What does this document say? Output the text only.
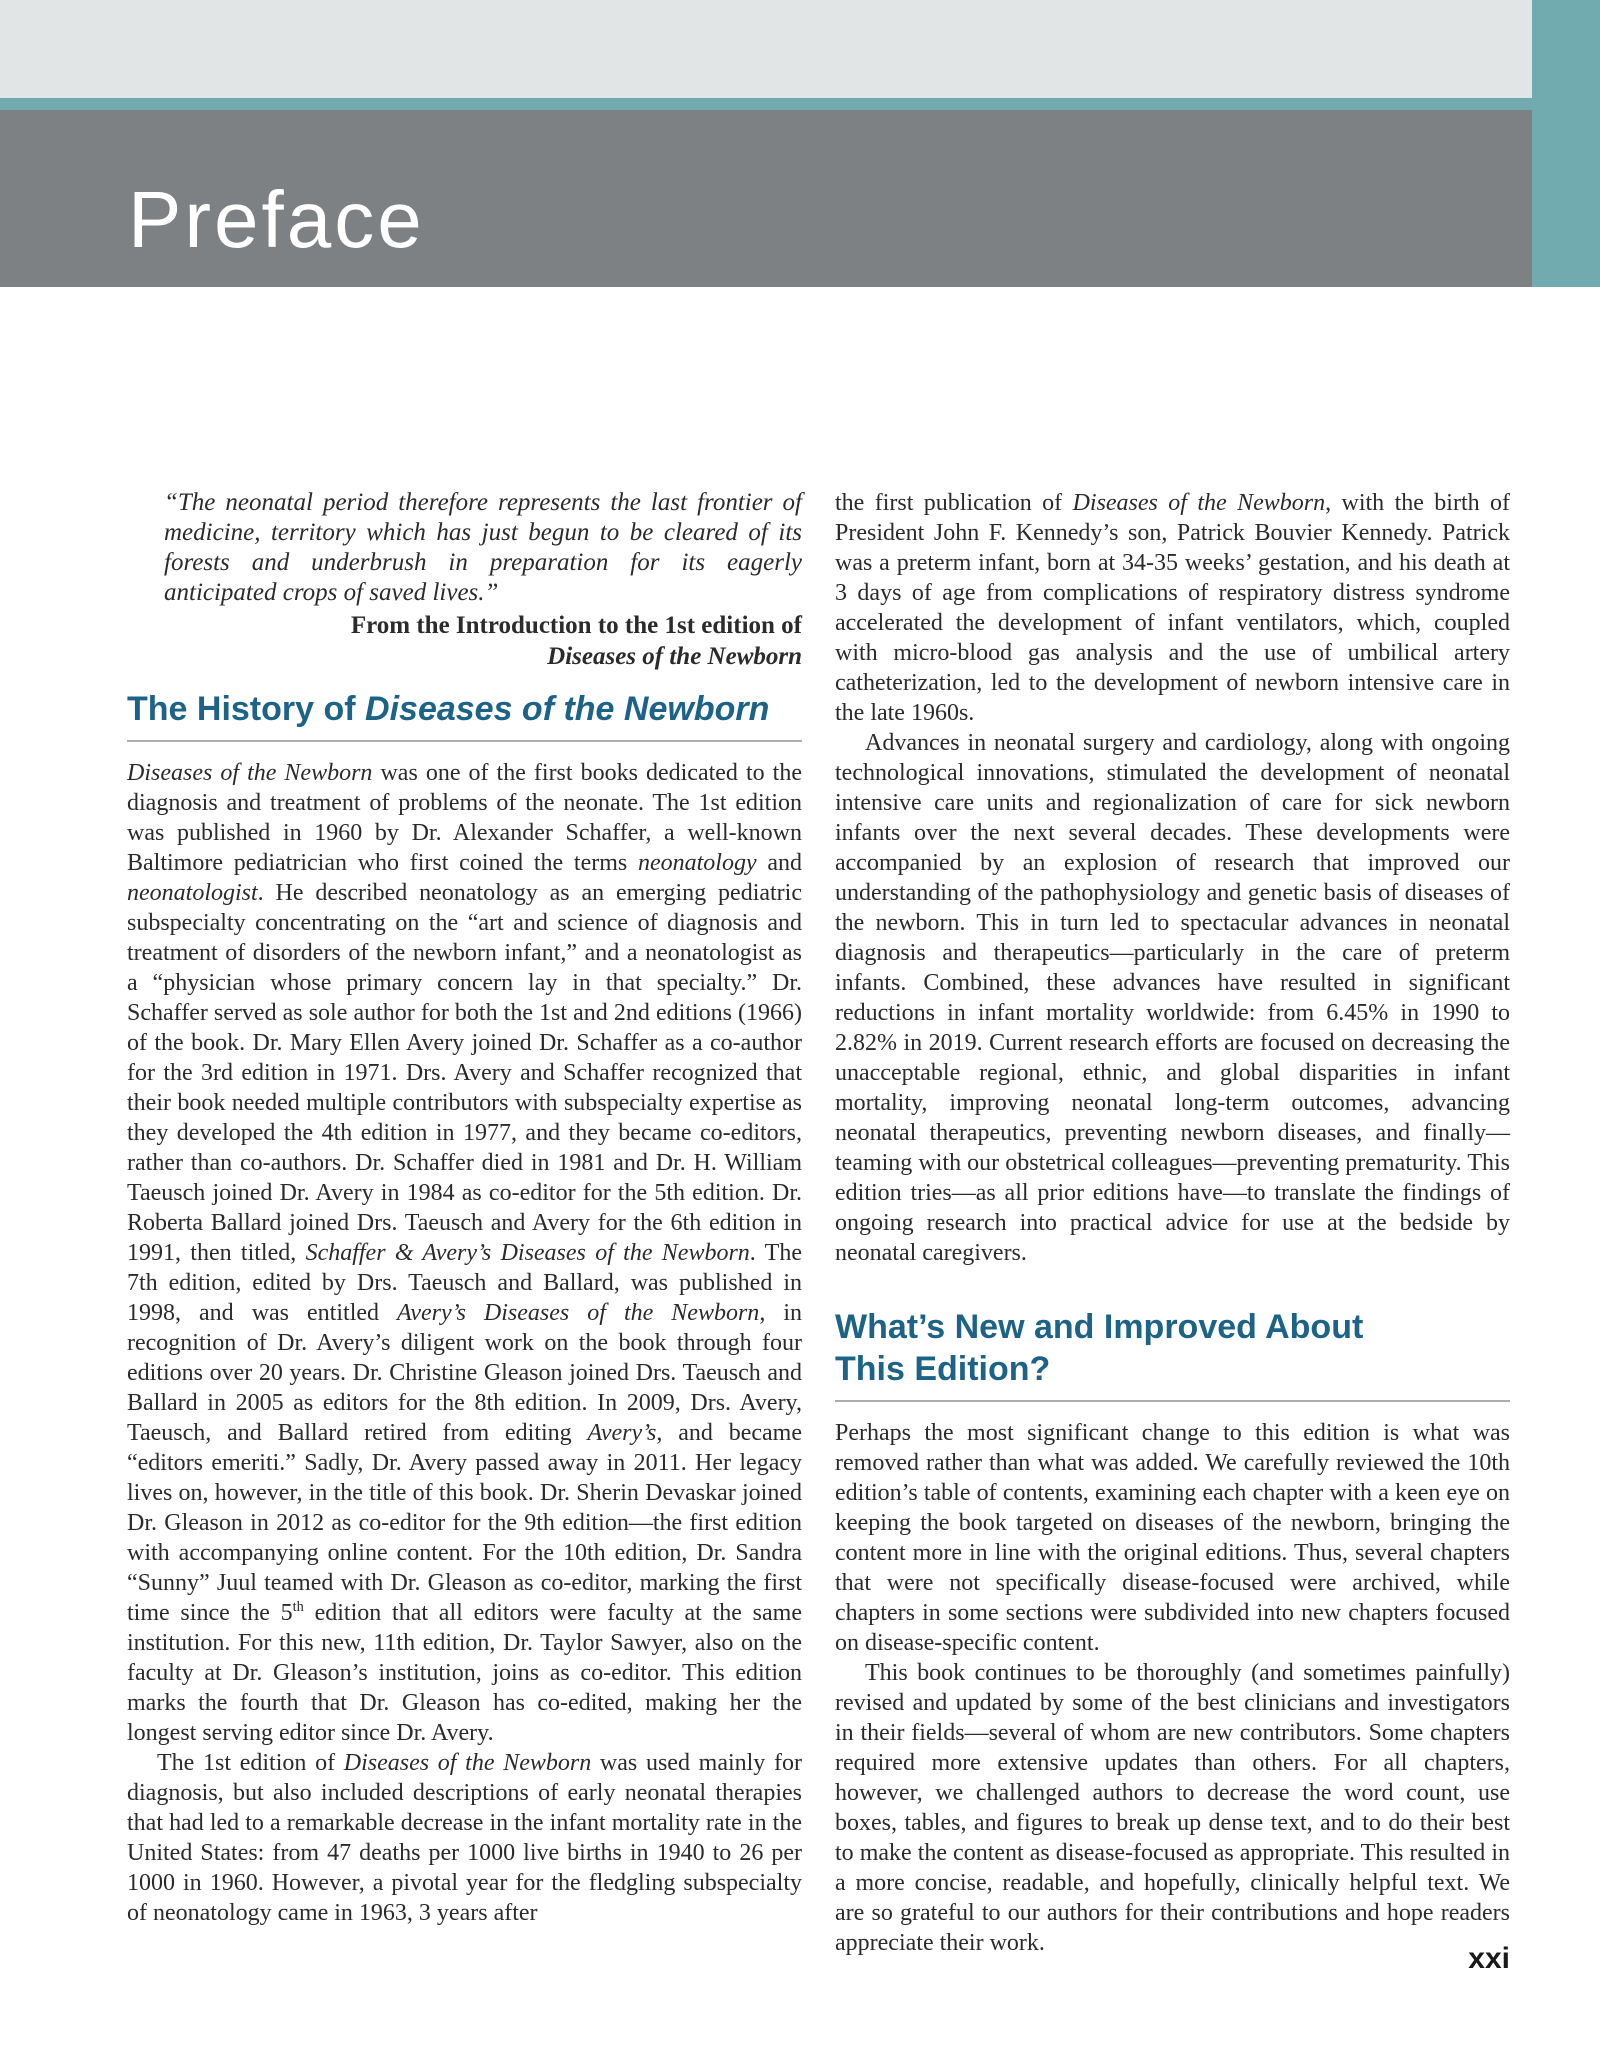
Preface

“The neonatal period therefore represents the last frontier of medicine, territory which has just begun to be cleared of its forests and underbrush in preparation for its eagerly anticipated crops of saved lives.”

From the Introduction to the 1st edition of
Diseases of the Newborn
The History of Diseases of the Newborn

Diseases of the Newborn was one of the first books dedicated to the diagnosis and treatment of problems of the neonate. The 1st edition was published in 1960 by Dr. Alexander Schaffer, a well-known Baltimore pediatrician who first coined the terms neonatology and neonatologist. He described neonatology as an emerging pediatric subspecialty concentrating on the “art and science of diagnosis and treatment of disorders of the newborn infant,” and a neonatologist as a “physician whose primary concern lay in that specialty.” Dr. Schaffer served as sole author for both the 1st and 2nd editions (1966) of the book. Dr. Mary Ellen Avery joined Dr. Schaffer as a co-author for the 3rd edition in 1971. Drs. Avery and Schaffer recognized that their book needed multiple contributors with subspecialty expertise as they developed the 4th edition in 1977, and they became co-editors, rather than co-authors. Dr. Schaffer died in 1981 and Dr. H. William Taeusch joined Dr. Avery in 1984 as co-editor for the 5th edition. Dr. Roberta Ballard joined Drs. Taeusch and Avery for the 6th edition in 1991, then titled, Schaffer & Avery’s Diseases of the Newborn. The 7th edition, edited by Drs. Taeusch and Ballard, was published in 1998, and was entitled Avery’s Diseases of the Newborn, in recognition of Dr. Avery’s diligent work on the book through four editions over 20 years. Dr. Christine Gleason joined Drs. Taeusch and Ballard in 2005 as editors for the 8th edition. In 2009, Drs. Avery, Taeusch, and Ballard retired from editing Avery’s, and became “editors emeriti.” Sadly, Dr. Avery passed away in 2011. Her legacy lives on, however, in the title of this book. Dr. Sherin Devaskar joined Dr. Gleason in 2012 as co-editor for the 9th edition—the first edition with accompanying online content. For the 10th edition, Dr. Sandra “Sunny” Juul teamed with Dr. Gleason as co-editor, marking the first time since the 5th edition that all editors were faculty at the same institution. For this new, 11th edition, Dr. Taylor Sawyer, also on the faculty at Dr. Gleason’s institution, joins as co-editor. This edition marks the fourth that Dr. Gleason has co-edited, making her the longest serving editor since Dr. Avery.

The 1st edition of Diseases of the Newborn was used mainly for diagnosis, but also included descriptions of early neonatal therapies that had led to a remarkable decrease in the infant mortality rate in the United States: from 47 deaths per 1000 live births in 1940 to 26 per 1000 in 1960. However, a pivotal year for the fledgling subspecialty of neonatology came in 1963, 3 years after

the first publication of Diseases of the Newborn, with the birth of President John F. Kennedy’s son, Patrick Bouvier Kennedy. Patrick was a preterm infant, born at 34-35 weeks’ gestation, and his death at 3 days of age from complications of respiratory distress syndrome accelerated the development of infant ventilators, which, coupled with micro-blood gas analysis and the use of umbilical artery catheterization, led to the development of newborn intensive care in the late 1960s.

Advances in neonatal surgery and cardiology, along with ongoing technological innovations, stimulated the development of neonatal intensive care units and regionalization of care for sick newborn infants over the next several decades. These developments were accompanied by an explosion of research that improved our understanding of the pathophysiology and genetic basis of diseases of the newborn. This in turn led to spectacular advances in neonatal diagnosis and therapeutics—particularly in the care of preterm infants. Combined, these advances have resulted in significant reductions in infant mortality worldwide: from 6.45% in 1990 to 2.82% in 2019. Current research efforts are focused on decreasing the unacceptable regional, ethnic, and global disparities in infant mortality, improving neonatal long-term outcomes, advancing neonatal therapeutics, preventing newborn diseases, and finally—teaming with our obstetrical colleagues—preventing prematurity. This edition tries—as all prior editions have—to translate the findings of ongoing research into practical advice for use at the bedside by neonatal caregivers.

What’s New and Improved About
This Edition?

Perhaps the most significant change to this edition is what was removed rather than what was added. We carefully reviewed the 10th edition’s table of contents, examining each chapter with a keen eye on keeping the book targeted on diseases of the newborn, bringing the content more in line with the original editions. Thus, several chapters that were not specifically disease-focused were archived, while chapters in some sections were subdivided into new chapters focused on disease-specific content.

This book continues to be thoroughly (and sometimes painfully) revised and updated by some of the best clinicians and investigators in their fields—several of whom are new contributors. Some chapters required more extensive updates than others. For all chapters, however, we challenged authors to decrease the word count, use boxes, tables, and figures to break up dense text, and to do their best to make the content as disease-focused as appropriate. This resulted in a more concise, readable, and hopefully, clinically helpful text. We are so grateful to our authors for their contributions and hope readers appreciate their work.	xxi
